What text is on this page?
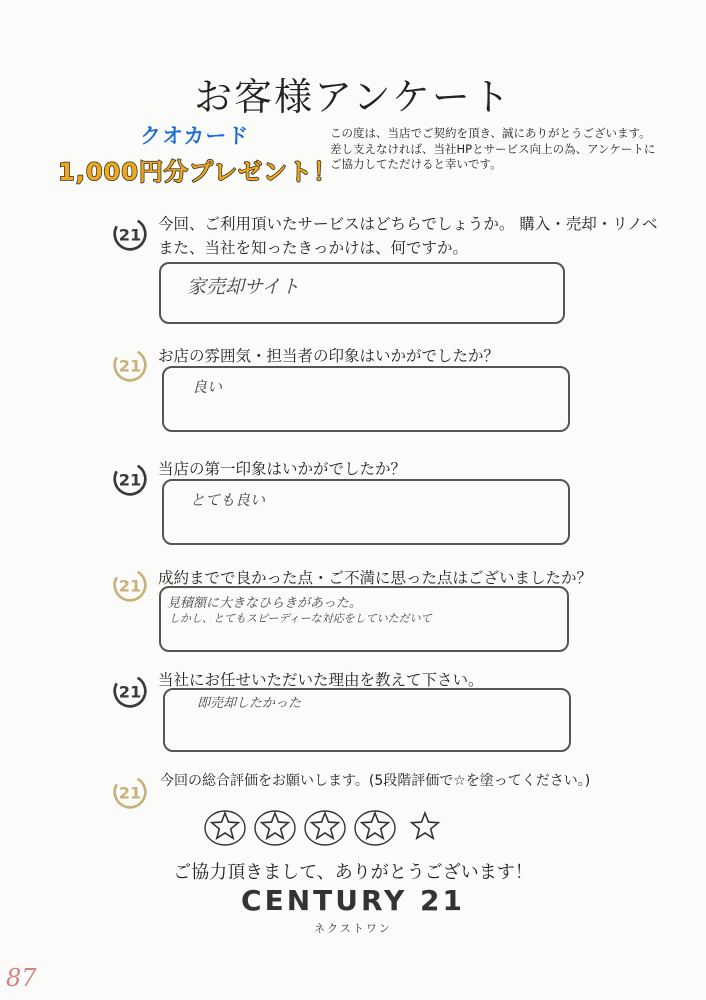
お客様アンケート
クオカード
1,000円分プレゼント！
この度は、当店でご契約を頂き、誠にありがとうございます。差し支えなければ、当社HPとサービス向上の為、アンケートにご協力してただけると幸いです。
21
今回、ご利用頂いたサービスはどちらでしょうか。 購入・売却・リノベ
また、当社を知ったきっかけは、何ですか。
家売却サイト
21
お店の雰囲気・担当者の印象はいかがでしたか？
良い
21
当店の第一印象はいかがでしたか？
とても良い
21 成約までで良かった点・ご不満に思った点はございましたか？
見積額に大きなひらきがあった。
しかし、とてもスピーディーな対応をしていただいて
21
当社にお任せいただいた理由を教えて下さい。
即売却したかった
21
今回の総合評価をお願いします。(5段階評価で☆を塗ってください。)
ご協力頂きまして、ありがとうございます！
CENTURY 21
ネクストワン
87
